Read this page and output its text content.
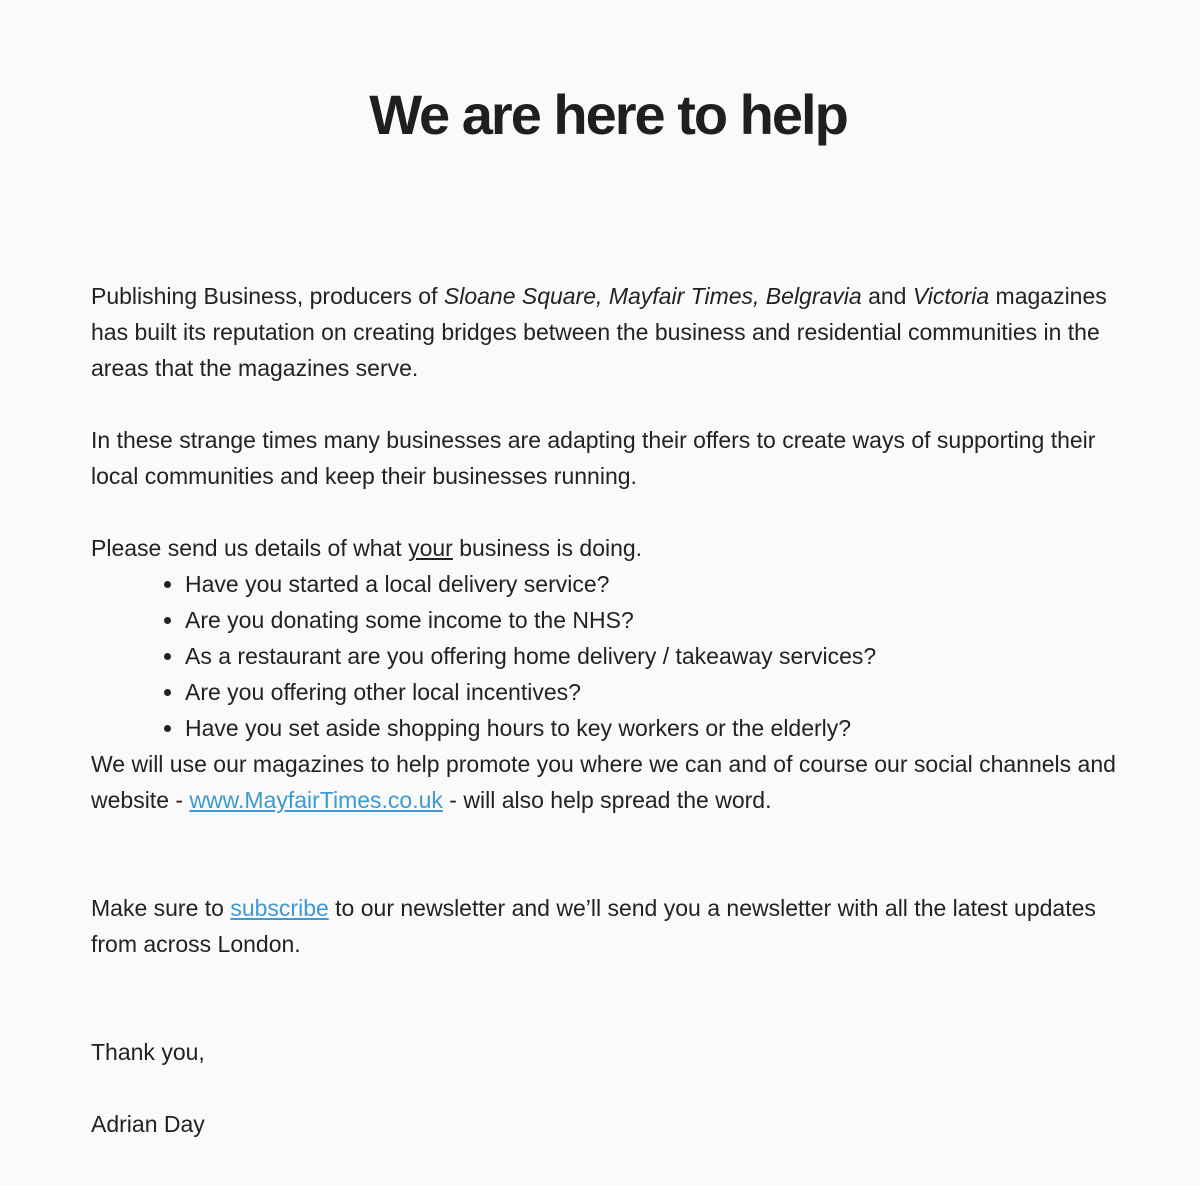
We are here to help

Publishing Business, producers of Sloane Square, Mayfair Times, Belgravia and Victoria magazines has built its reputation on creating bridges between the business and residential communities in the areas that the magazines serve.

In these strange times many businesses are adapting their offers to create ways of supporting their local communities and keep their businesses running.

Please send us details of what your business is doing.

• Have you started a local delivery service?
• Are you donating some income to the NHS?
• As a restaurant are you offering home delivery / takeaway services?
• Are you offering other local incentives?
• Have you set aside shopping hours to key workers or the elderly?

We will use our magazines to help promote you where we can and of course our social channels and website - www.MayfairTimes.co.uk - will also help spread the word.

Make sure to subscribe to our newsletter and we’ll send you a newsletter with all the latest updates from across London.

Thank you,

Adrian Day
